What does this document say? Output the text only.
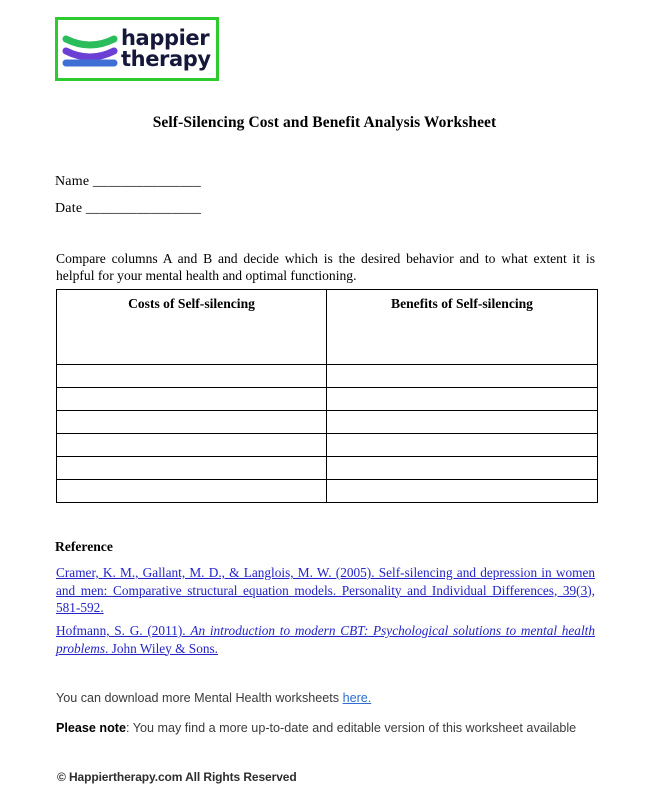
happier
therapy
Self-Silencing Cost and Benefit Analysis Worksheet
Name _______________
Date ________________
Compare columns A and B and decide which is the desired behavior and to what extent it is helpful for your mental health and optimal functioning.
Costs of Self-silencing	Benefits of Self-silencing

Reference
Cramer, K. M., Gallant, M. D., & Langlois, M. W. (2005). Self-silencing and depression in women and men: Comparative structural equation models. Personality and Individual Differences, 39(3), 581-592.
Hofmann, S. G. (2011). An introduction to modern CBT: Psychological solutions to mental health problems. John Wiley & Sons.
You can download more Mental Health worksheets here.
Please note: You may find a more up-to-date and editable version of this worksheet available
© Happiertherapy.com All Rights Reserved
